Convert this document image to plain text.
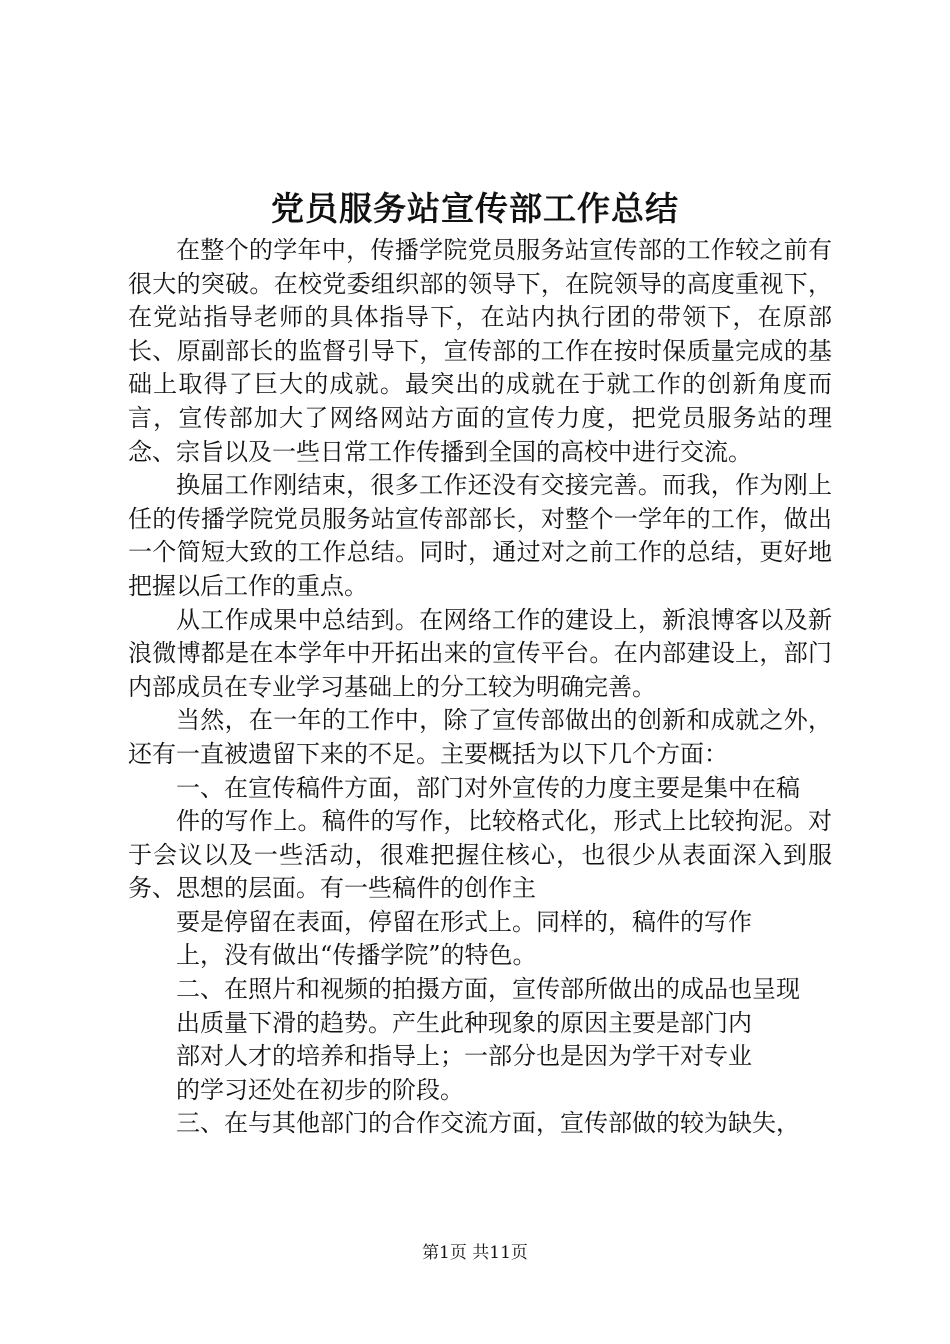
党员服务站宣传部工作总结

在整个的学年中，传播学院党员服务站宣传部的工作较之前有很大的突破。在校党委组织部的领导下，在院领导的高度重视下，在党站指导老师的具体指导下，在站内执行团的带领下，在原部长、原副部长的监督引导下，宣传部的工作在按时保质量完成的基础上取得了巨大的成就。最突出的成就在于就工作的创新角度而言，宣传部加大了网络网站方面的宣传力度，把党员服务站的理念、宗旨以及一些日常工作传播到全国的高校中进行交流。

换届工作刚结束，很多工作还没有交接完善。而我，作为刚上任的传播学院党员服务站宣传部部长，对整个一学年的工作，做出一个简短大致的工作总结。同时，通过对之前工作的总结，更好地把握以后工作的重点。

从工作成果中总结到。在网络工作的建设上，新浪博客以及新浪微博都是在本学年中开拓出来的宣传平台。在内部建设上，部门内部成员在专业学习基础上的分工较为明确完善。

当然，在一年的工作中，除了宣传部做出的创新和成就之外，还有一直被遗留下来的不足。主要概括为以下几个方面：

一、在宣传稿件方面，部门对外宣传的力度主要是集中在稿

件的写作上。稿件的写作，比较格式化，形式上比较拘泥。对于会议以及一些活动，很难把握住核心，也很少从表面深入到服务、思想的层面。有一些稿件的创作主

要是停留在表面，停留在形式上。同样的，稿件的写作

上，没有做出“传播学院”的特色。

二、在照片和视频的拍摄方面，宣传部所做出的成品也呈现

出质量下滑的趋势。产生此种现象的原因主要是部门内

部对人才的培养和指导上；一部分也是因为学干对专业

的学习还处在初步的阶段。

三、在与其他部门的合作交流方面，宣传部做的较为缺失，

第1页 共11页
